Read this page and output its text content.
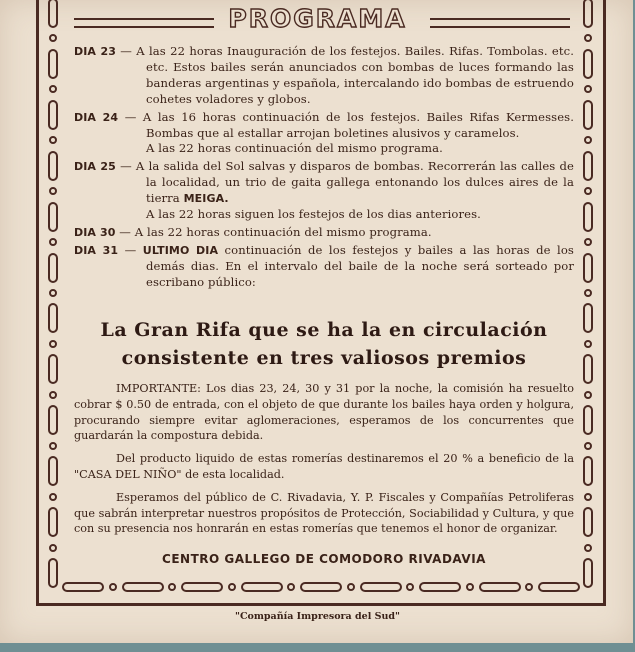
PROGRAMA
DIA 23 — A las 22 horas Inauguración de los festejos. Bailes. Rifas. Tombolas. etc. etc. Estos bailes serán anunciados con bombas de luces formando las banderas argentinas y española, intercalando ido bombas de estruendo cohetes voladores y globos.
DIA 24 — A las 16 horas continuación de los festejos. Bailes Rifas Kermesses. Bombas que al estallar arrojan boletines alusivos y caramelos.
A las 22 horas continuación del mismo programa.
DIA 25 — A la salida del Sol salvas y disparos de bombas. Recorrerán las calles de la localidad, un trio de gaita gallega entonando los dulces aires de la tierra MEIGA.
A las 22 horas siguen los festejos de los dias anteriores.
DIA 30 — A las 22 horas continuación del mismo programa.
DIA 31 — ULTIMO DIA continuación de los festejos y bailes a las horas de los demás dias. En el intervalo del baile de la noche será sorteado por escribano público:
La Gran Rifa que se ha la en circulación
consistente en tres valiosos premios

IMPORTANTE: Los dias 23, 24, 30 y 31 por la noche, la comisión ha resuelto cobrar $ 0.50 de entrada, con el objeto de que durante los bailes haya orden y holgura, procurando siempre evitar aglomeraciones, esperamos de los concurrentes que guardarán la compostura debida.

Del producto liquido de estas romerías destinaremos el 20 % a beneficio de la "CASA DEL NIÑO" de esta localidad.

Esperamos del público de C. Rivadavia, Y. P. Fiscales y Compañías Petroliferas que sabrán interpretar nuestros propósitos de Protección, Sociabilidad y Cultura, y que con su presencia nos honrarán en estas romerías que tenemos el honor de organizar.

CENTRO GALLEGO DE COMODORO RIVADAVIA
"Compañía Impresora del Sud"
